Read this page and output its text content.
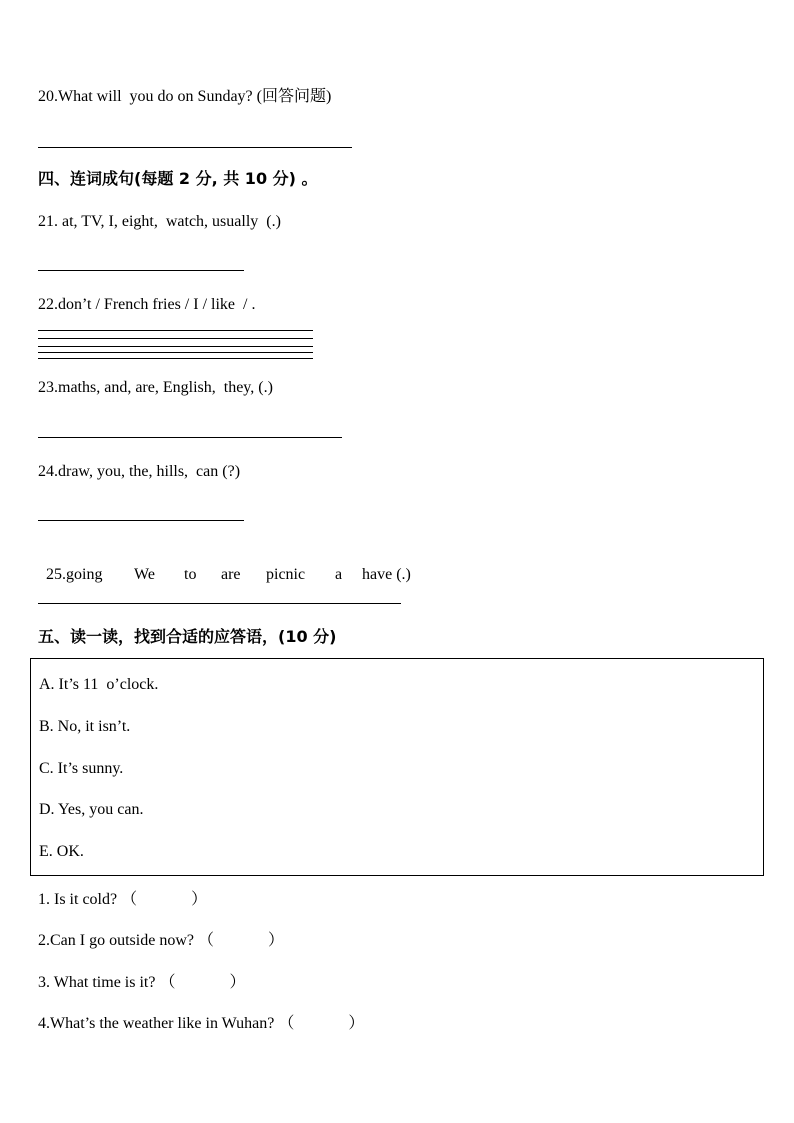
20.What will  you do on Sunday? (回答问题)
四、连词成句(每题 2 分, 共 10 分) 。
21. at, TV, I, eight,  watch, usually  (.)
22.don’t / French fries / I / like  / .
23.maths, and, are, English,  they, (.)
24.draw, you, the, hills,  can (?)

25.going We to are picnic a have (.)

五、读一读，找到合适的应答语，(10 分)
A. It’s 11  o’clock.
B. No, it isn’t.
C. It’s sunny.
D. Yes, you can.
E. OK.
1. Is it cold? （	）
2.Can I go outside now? （	）
3. What time is it? （	）
4.What’s the weather like in Wuhan? （	）
